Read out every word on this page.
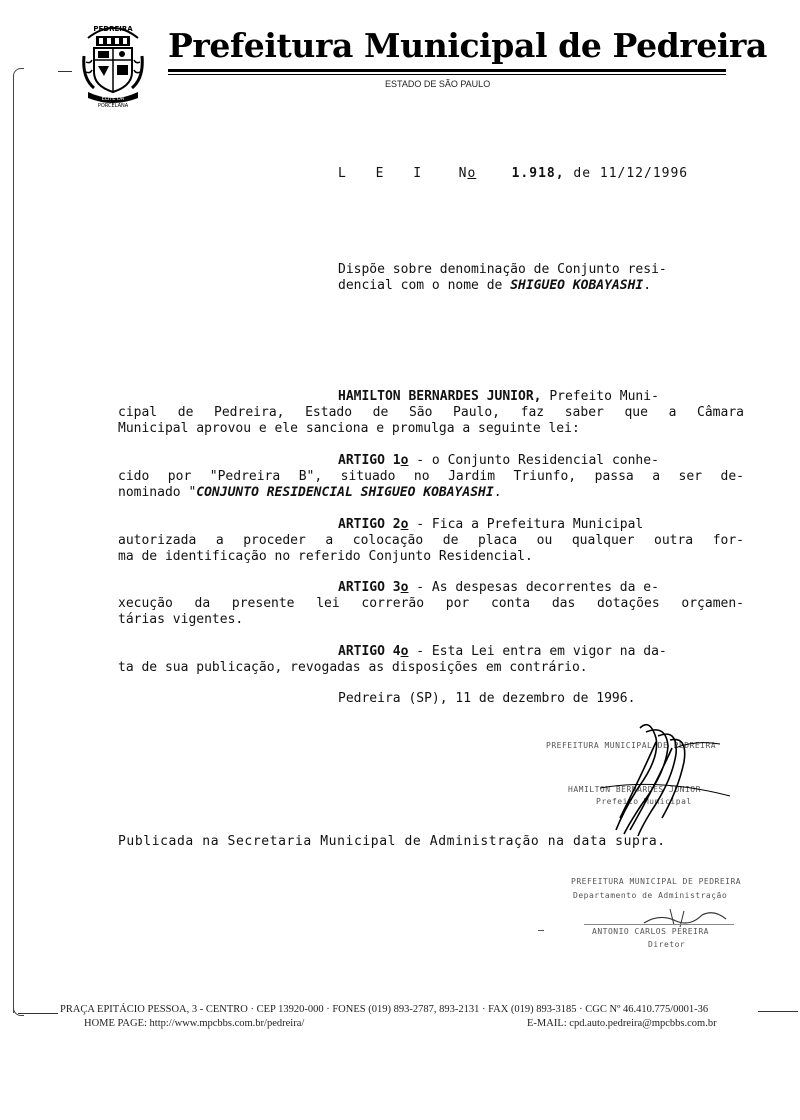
PEDREIRA
ELITE DA
PORCELANA
Prefeitura Municipal de Pedreira
ESTADO DE SÃO PAULO

L E I No	1.918, de 11/12/1996

Dispõe sobre denominação de Conjunto resi-

dencial com o nome de SHIGUEO KOBAYASHI.

HAMILTON BERNARDES JUNIOR, Prefeito Muni-

cipal de Pedreira, Estado de São Paulo, faz saber que a Câmara

Municipal aprovou e ele sanciona e promulga a seguinte lei:

ARTIGO 1o - o Conjunto Residencial conhe-

cido por "Pedreira B", situado no Jardim Triunfo, passa a ser de-

nominado "CONJUNTO RESIDENCIAL SHIGUEO KOBAYASHI.

ARTIGO 2o - Fica a Prefeitura Municipal

autorizada a proceder a colocação de placa ou qualquer outra for-

ma de identificação no referido Conjunto Residencial.

ARTIGO 3o - As despesas decorrentes da e-

xecução da presente lei correrão por conta das dotações orçamen-

tárias vigentes.

ARTIGO 4o - Esta Lei entra em vigor na da-

ta de sua publicação, revogadas as disposições em contrário.

Pedreira (SP), 11 de dezembro de 1996.

PREFEITURA MUNICIPAL DE PEDREIRA
HAMILTON BERNARDES JUNIOR
Prefeito Municipal

Publicada na Secretaria Municipal de Administração na data supra.

PREFEITURA MUNICIPAL DE PEDREIRA
Departamento de Administração
ANTONIO CARLOS PEREIRA
Diretor
PRAÇA EPITÁCIO PESSOA, 3 - CENTRO · CEP 13920-000 · FONES (019) 893-2787, 893-2131 · FAX (019) 893-3185 · CGC Nº 46.410.775/0001-36
HOME PAGE: http://www.mpcbbs.com.br/pedreira/	E-MAIL: cpd.auto.pedreira@mpcbbs.com.br
